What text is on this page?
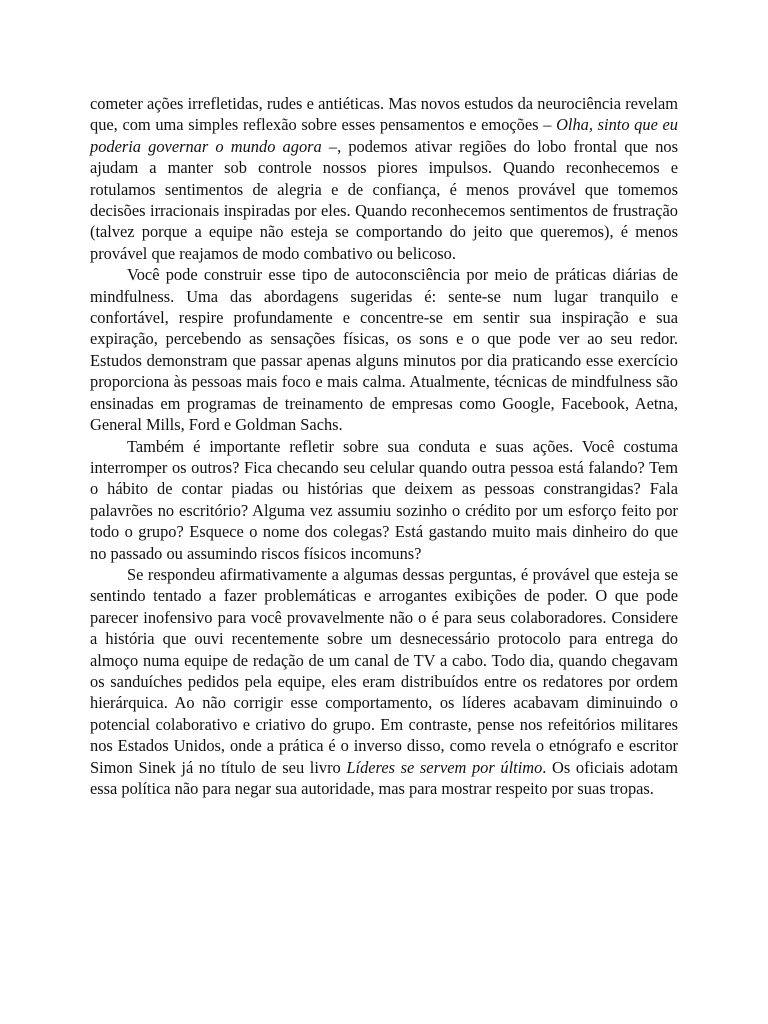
cometer ações irrefletidas, rudes e antiéticas. Mas novos estudos da neurociência revelam que, com uma simples reflexão sobre esses pensamentos e emoções – Olha, sinto que eu poderia governar o mundo agora –, podemos ativar regiões do lobo frontal que nos ajudam a manter sob controle nossos piores impulsos. Quando reconhecemos e rotulamos sentimentos de alegria e de confiança, é menos provável que tomemos decisões irracionais inspiradas por eles. Quando reconhecemos sentimentos de frustração (talvez porque a equipe não esteja se comportando do jeito que queremos), é menos provável que reajamos de modo combativo ou belicoso.

Você pode construir esse tipo de autoconsciência por meio de práticas diárias de mindfulness. Uma das abordagens sugeridas é: sente-se num lugar tranquilo e confortável, respire profundamente e concentre-se em sentir sua inspiração e sua expiração, percebendo as sensações físicas, os sons e o que pode ver ao seu redor. Estudos demonstram que passar apenas alguns minutos por dia praticando esse exercício proporciona às pessoas mais foco e mais calma. Atualmente, técnicas de mindfulness são ensinadas em programas de treinamento de empresas como Google, Facebook, Aetna, General Mills, Ford e Goldman Sachs.

Também é importante refletir sobre sua conduta e suas ações. Você costuma interromper os outros? Fica checando seu celular quando outra pessoa está falando? Tem o hábito de contar piadas ou histórias que deixem as pessoas constrangidas? Fala palavrões no escritório? Alguma vez assumiu sozinho o crédito por um esforço feito por todo o grupo? Esquece o nome dos colegas? Está gastando muito mais dinheiro do que no passado ou assumindo riscos físicos incomuns?

Se respondeu afirmativamente a algumas dessas perguntas, é provável que esteja se sentindo tentado a fazer problemáticas e arrogantes exibições de poder. O que pode parecer inofensivo para você provavelmente não o é para seus colaboradores. Considere a história que ouvi recentemente sobre um desnecessário protocolo para entrega do almoço numa equipe de redação de um canal de TV a cabo. Todo dia, quando chegavam os sanduíches pedidos pela equipe, eles eram distribuídos entre os redatores por ordem hierárquica. Ao não corrigir esse comportamento, os líderes acabavam diminuindo o potencial colaborativo e criativo do grupo. Em contraste, pense nos refeitórios militares nos Estados Unidos, onde a prática é o inverso disso, como revela o etnógrafo e escritor Simon Sinek já no título de seu livro Líderes se servem por último. Os oficiais adotam essa política não para negar sua autoridade, mas para mostrar respeito por suas tropas.
